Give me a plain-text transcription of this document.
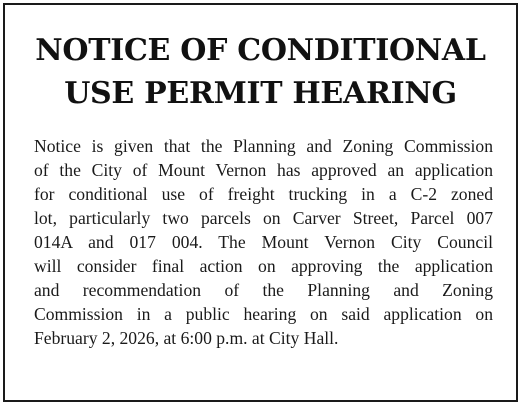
NOTICE OF CONDITIONAL
USE PERMIT HEARING

Notice is given that the Planning and Zoning Commission
of the City of Mount Vernon has approved an application
for conditional use of freight trucking in a C-2 zoned
lot, particularly two parcels on Carver Street, Parcel 007
014A and 017 004. The Mount Vernon City Council
will consider final action on approving the application
and recommendation of the Planning and Zoning
Commission in a public hearing on said application on
February 2, 2026, at 6:00 p.m. at City Hall.
